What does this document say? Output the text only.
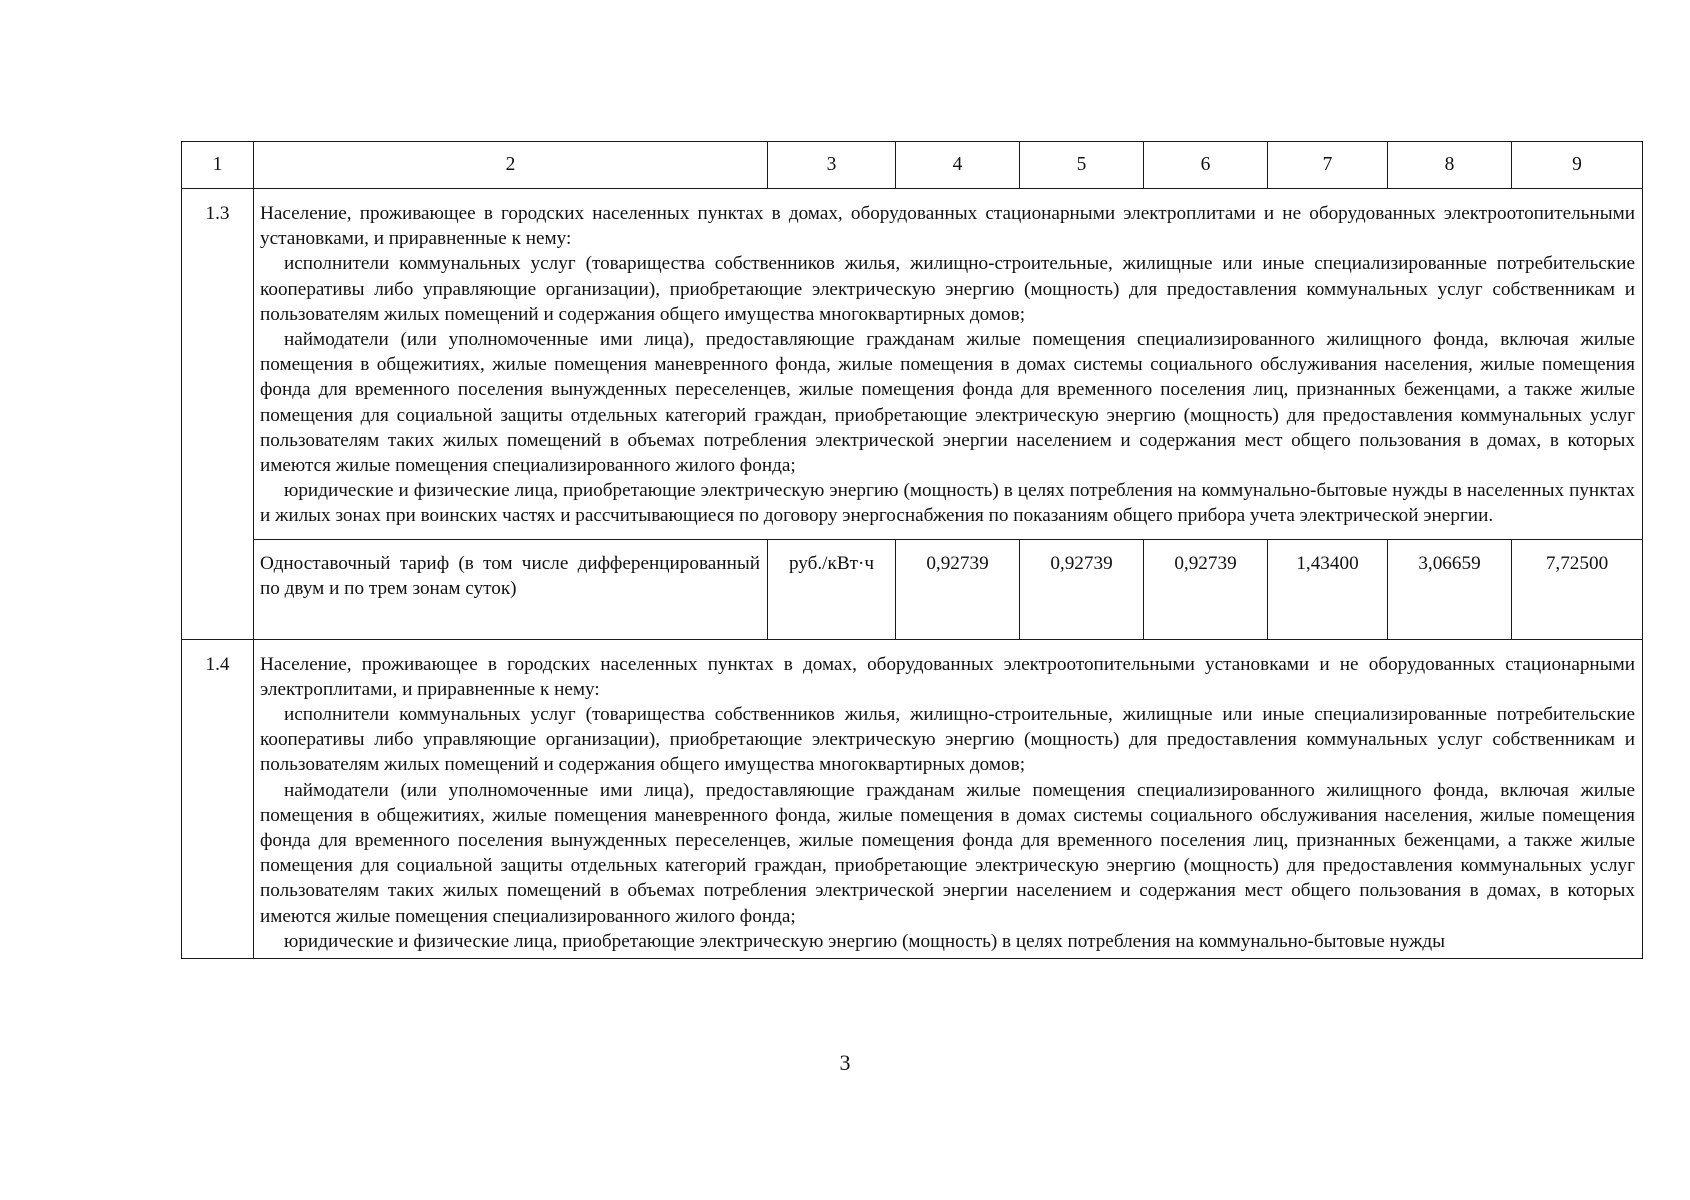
1	2	3	4	5	6	7	8	9
1.3	Население, проживающее в городских населенных пунктах в домах, оборудованных стационарными электроплитами и не оборудованных электроотопительными установками, и приравненные к нему:

исполнители коммунальных услуг (товарищества собственников жилья, жилищно-строительные, жилищные или иные специализированные потребительские кооперативы либо управляющие организации), приобретающие электрическую энергию (мощность) для предоставления коммунальных услуг собственникам и пользователям жилых помещений и содержания общего имущества многоквартирных домов;

наймодатели (или уполномоченные ими лица), предоставляющие гражданам жилые помещения специализированного жилищного фонда, включая жилые помещения в общежитиях, жилые помещения маневренного фонда, жилые помещения в домах системы социального обслуживания населения, жилые помещения фонда для временного поселения вынужденных переселенцев, жилые помещения фонда для временного поселения лиц, признанных беженцами, а также жилые помещения для социальной защиты отдельных категорий граждан, приобретающие электрическую энергию (мощность) для предоставления коммунальных услуг пользователям таких жилых помещений в объемах потребления электрической энергии населением и содержания мест общего пользования в домах, в которых имеются жилые помещения специализированного жилого фонда;

юридические и физические лица, приобретающие электрическую энергию (мощность) в целях потребления на коммунально-бытовые нужды в населенных пунктах и жилых зонах при воинских частях и рассчитывающиеся по договору энергоснабжения по показаниям общего прибора учета электрической энергии.							

	Одноставочный тариф (в том числе дифференцированный по двум и по трем зонам суток)	руб./кВт·ч	0,92739	0,92739	0,92739	1,43400	3,06659	7,72500
1.4	Население, проживающее в городских населенных пунктах в домах, оборудованных электроотопительными установками и не оборудованных стационарными электроплитами, и приравненные к нему:

исполнители коммунальных услуг (товарищества собственников жилья, жилищно-строительные, жилищные или иные специализированные потребительские кооперативы либо управляющие организации), приобретающие электрическую энергию (мощность) для предоставления коммунальных услуг собственникам и пользователям жилых помещений и содержания общего имущества многоквартирных домов;

наймодатели (или уполномоченные ими лица), предоставляющие гражданам жилые помещения специализированного жилищного фонда, включая жилые помещения в общежитиях, жилые помещения маневренного фонда, жилые помещения в домах системы социального обслуживания населения, жилые помещения фонда для временного поселения вынужденных переселенцев, жилые помещения фонда для временного поселения лиц, признанных беженцами, а также жилые помещения для социальной защиты отдельных категорий граждан, приобретающие электрическую энергию (мощность) для предоставления коммунальных услуг пользователям таких жилых помещений в объемах потребления электрической энергии населением и содержания мест общего пользования в домах, в которых имеются жилые помещения специализированного жилого фонда;

юридические и физические лица, приобретающие электрическую энергию (мощность) в целях потребления на коммунально-бытовые нужды							

3
